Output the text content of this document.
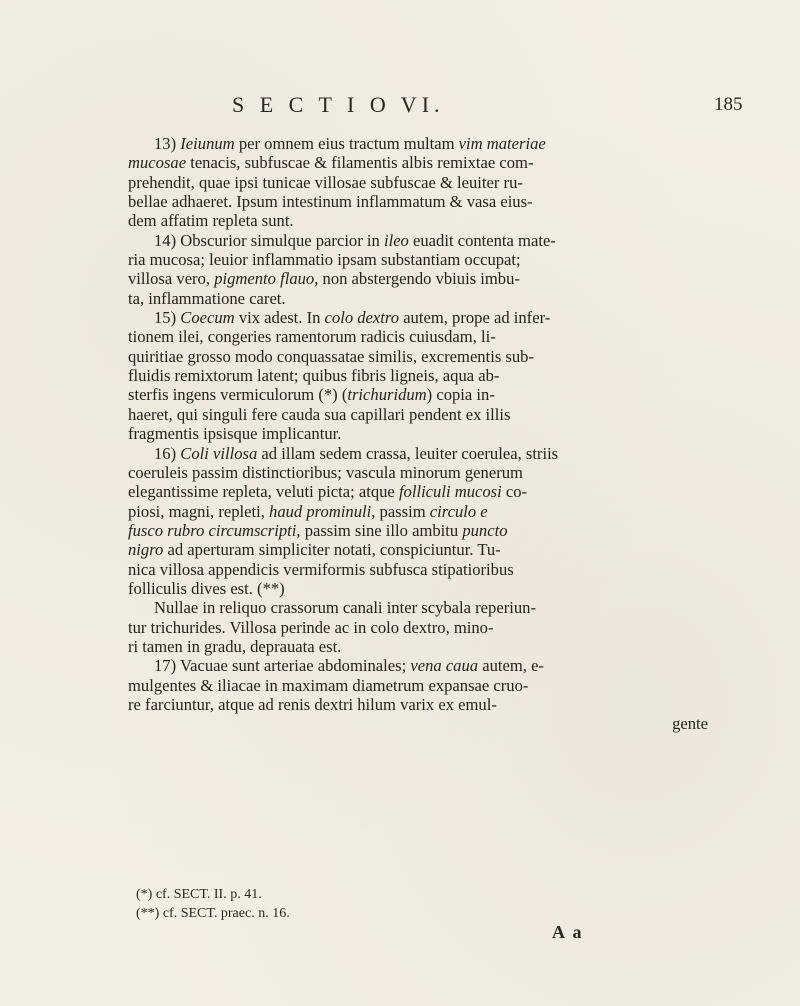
S E C T I O VI.	185
13) Ieiunum per omnem eius tractum multam vim materiae
mucosae tenacis, subfuscae & filamentis albis remixtae com-
prehendit, quae ipsi tunicae villosae subfuscae & leuiter ru-
bellae adhaeret. Ipsum intestinum inflammatum & vasa eius-
dem affatim repleta sunt.
14) Obscurior simulque parcior in ileo euadit contenta mate-
ria mucosa; leuior inflammatio ipsam substantiam occupat;
villosa vero, pigmento flauo, non abstergendo vbiuis imbu-
ta, inflammatione caret.
15) Coecum vix adest. In colo dextro autem, prope ad infer-
tionem ilei, congeries ramentorum radicis cuiusdam, li-
quiritiae grosso modo conquassatae similis, excrementis sub-
fluidis remixtorum latent; quibus fibris ligneis, aqua ab-
sterfis ingens vermiculorum (*) (trichuridum) copia in-
haeret, qui singuli fere cauda sua capillari pendent ex illis
fragmentis ipsisque implicantur.
16) Coli villosa ad illam sedem crassa, leuiter coerulea, striis
coeruleis passim distinctioribus; vascula minorum generum
elegantissime repleta, veluti picta; atque folliculi mucosi co-
piosi, magni, repleti, haud prominuli, passim circulo e
fusco rubro circumscripti, passim sine illo ambitu puncto
nigro ad aperturam simpliciter notati, conspiciuntur. Tu-
nica villosa appendicis vermiformis subfusca stipatioribus
folliculis dives est. (**)
Nullae in reliquo crassorum canali inter scybala reperiun-
tur trichurides. Villosa perinde ac in colo dextro, mino-
ri tamen in gradu, deprauata est.
17) Vacuae sunt arteriae abdominales; vena caua autem, e-
mulgentes & iliacae in maximam diametrum expansae cruo-
re farciuntur, atque ad renis dextri hilum varix ex emul-
gente
(*) cf. SECT. II. p. 41.
(**) cf. SECT. praec. n. 16.
A a
